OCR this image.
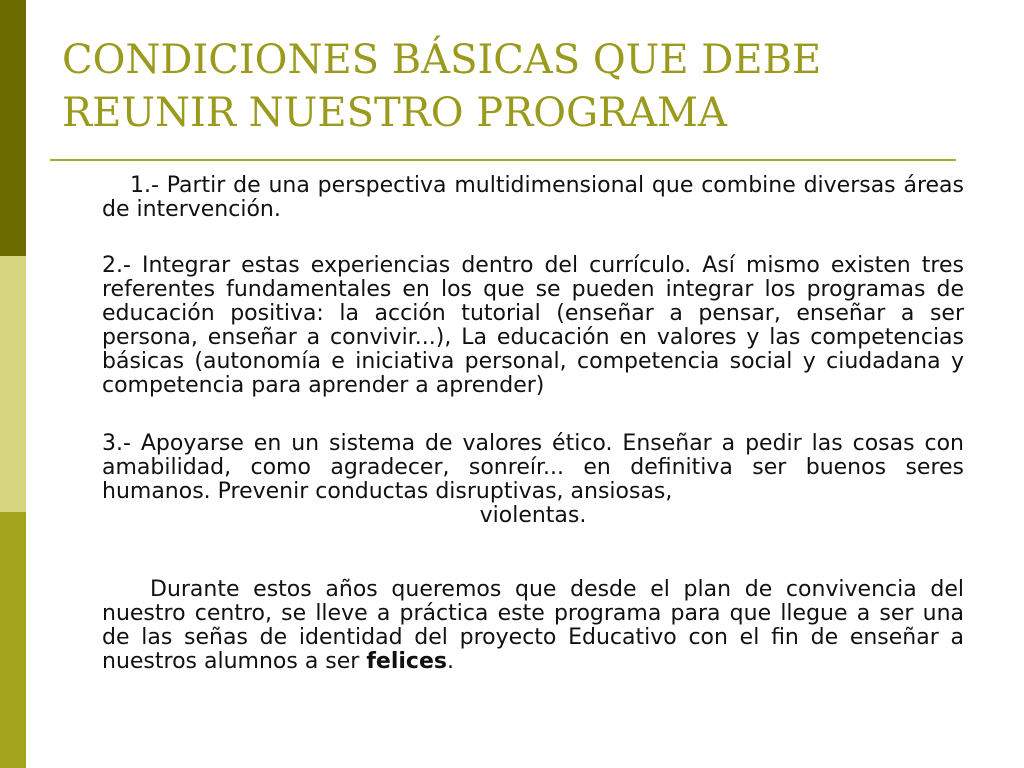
CONDICIONES BÁSICAS QUE DEBE
REUNIR NUESTRO PROGRAMA

1.- Partir de una perspectiva multidimensional que combine diversas áreas de intervención.

2.- Integrar estas experiencias dentro del currículo. Así mismo existen tres referentes fundamentales en los que se pueden integrar los programas de educación positiva: la acción tutorial (enseñar a pensar, enseñar a ser persona, enseñar a convivir...), La educación en valores y las competencias básicas (autonomía e iniciativa personal, competencia social y ciudadana y competencia para aprender a aprender)

3.- Apoyarse en un sistema de valores ético. Enseñar a pedir las cosas con amabilidad, como agradecer, sonreír... en definitiva ser buenos seres humanos. Prevenir conductas disruptivas, ansiosas,

violentas.

Durante estos años queremos que desde el plan de convivencia del nuestro centro, se lleve a práctica este programa para que llegue a ser una de las señas de identidad del proyecto Educativo con el fin de enseñar a nuestros alumnos a ser felices.
